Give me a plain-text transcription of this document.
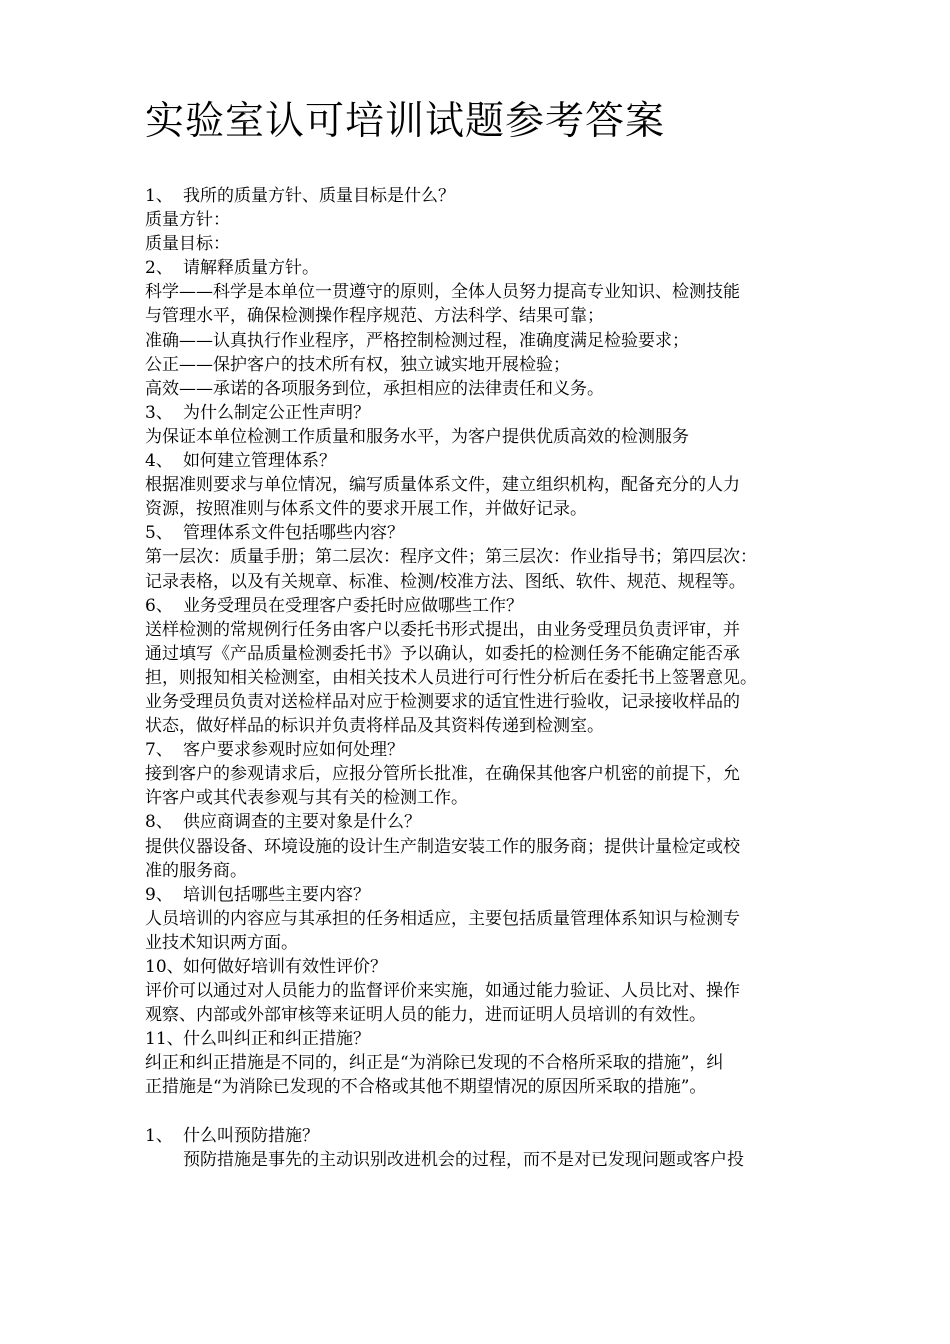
实验室认可培训试题参考答案
1、 我所的质量方针、质量目标是什么？
质量方针：
质量目标：
2、 请解释质量方针。
科学——科学是本单位一贯遵守的原则，全体人员努力提高专业知识、检测技能
与管理水平，确保检测操作程序规范、方法科学、结果可靠；
准确——认真执行作业程序，严格控制检测过程，准确度满足检验要求；
公正——保护客户的技术所有权，独立诚实地开展检验；
高效——承诺的各项服务到位，承担相应的法律责任和义务。
3、 为什么制定公正性声明？
为保证本单位检测工作质量和服务水平，为客户提供优质高效的检测服务
4、 如何建立管理体系？
根据准则要求与单位情况，编写质量体系文件，建立组织机构，配备充分的人力
资源，按照准则与体系文件的要求开展工作，并做好记录。
5、 管理体系文件包括哪些内容？
第一层次：质量手册；第二层次：程序文件；第三层次：作业指导书；第四层次：
记录表格，以及有关规章、标准、检测/校准方法、图纸、软件、规范、规程等。
6、 业务受理员在受理客户委托时应做哪些工作？
送样检测的常规例行任务由客户以委托书形式提出，由业务受理员负责评审，并
通过填写《产品质量检测委托书》予以确认，如委托的检测任务不能确定能否承
担，则报知相关检测室，由相关技术人员进行可行性分析后在委托书上签署意见。
业务受理员负责对送检样品对应于检测要求的适宜性进行验收，记录接收样品的
状态，做好样品的标识并负责将样品及其资料传递到检测室。
7、 客户要求参观时应如何处理？
接到客户的参观请求后，应报分管所长批准，在确保其他客户机密的前提下，允
许客户或其代表参观与其有关的检测工作。
8、 供应商调查的主要对象是什么？
提供仪器设备、环境设施的设计生产制造安装工作的服务商；提供计量检定或校
准的服务商。
9、 培训包括哪些主要内容？
人员培训的内容应与其承担的任务相适应，主要包括质量管理体系知识与检测专
业技术知识两方面。
10、如何做好培训有效性评价？
评价可以通过对人员能力的监督评价来实施，如通过能力验证、人员比对、操作
观察、内部或外部审核等来证明人员的能力，进而证明人员培训的有效性。
11、什么叫纠正和纠正措施？
纠正和纠正措施是不同的，纠正是“为消除已发现的不合格所采取的措施”，纠
正措施是“为消除已发现的不合格或其他不期望情况的原因所采取的措施”。
1、 什么叫预防措施？
预防措施是事先的主动识别改进机会的过程，而不是对已发现问题或客户投
